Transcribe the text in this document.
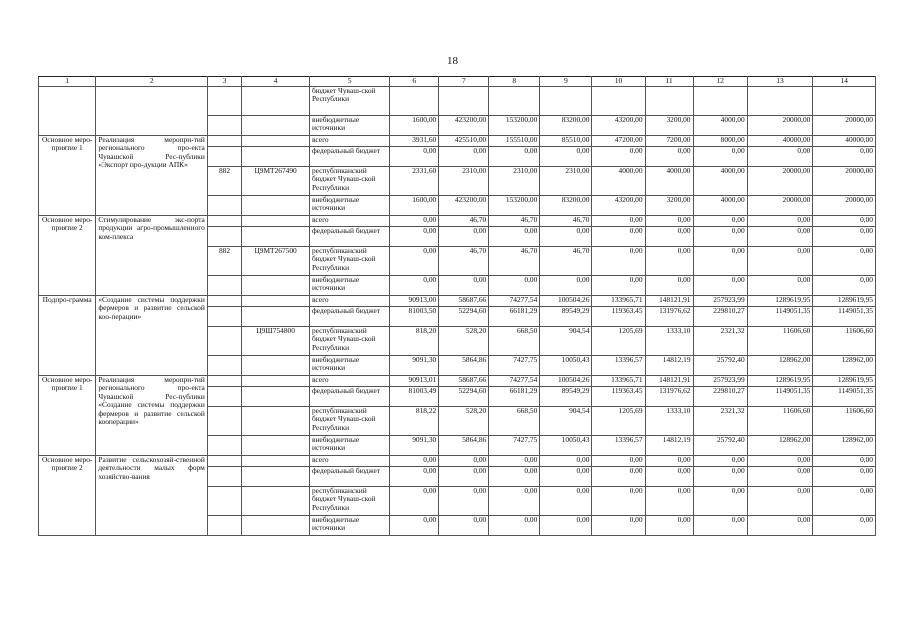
18
1	2	3	4	5	6	7	8	9	10	11	12	13	14
				бюджет Чуваш-ской Республики									
				внебюджетные источники	1600,00	423200,00	153200,00	83200,00	43200,00	3200,00	4000,00	20000,00	20000,00
Основное меро-приятие 1	Реализация меропри-тий регионального про-екта Чувашской Рес-публики «Экспорт про-дукции АПК»			всего	3931,60	425510,00	155510,00	85510,00	47200,00	7200,00	8000,00	40000,00	40000,00
				федеральный бюджет	0,00	0,00	0,00	0,00	0,00	0,00	0,00	0,00	0,00
		882	Ц9МТ267490	республиканский бюджет Чуваш-ской Республики	2331,60	2310,00	2310,00	2310,00	4000,00	4000,00	4000,00	20000,00	20000,00
				внебюджетные источники	1600,00	423200,00	153200,00	83200,00	43200,00	3200,00	4000,00	20000,00	20000,00
Основное меро-приятие 2	Стимулирование экс-порта продукции агро-промышленного ком-плекса			всего	0,00	46,70	46,70	46,70	0,00	0,00	0,00	0,00	0,00
				федеральный бюджет	0,00	0,00	0,00	0,00	0,00	0,00	0,00	0,00	0,00
		882	Ц9МТ267500	республиканский бюджет Чуваш-ской Республики	0,00	46,70	46,70	46,70	0,00	0,00	0,00	0,00	0,00
				внебюджетные источники	0,00	0,00	0,00	0,00	0,00	0,00	0,00	0,00	0,00
Подпро-грамма	«Создание системы поддержки фермеров и развитие сельской коо-перации»			всего	90913,00	58687,66	74277,54	100504,26	133965,71	148121,91	257923,99	1289619,95	1289619,95
				федеральный бюджет	81003,50	52294,60	66181,29	89549,29	119363,45	131976,62	229810,27	1149051,35	1149051,35
			Ц9Ш754800	республиканский бюджет Чуваш-ской Республики	818,20	528,20	668,50	904,54	1205,69	1333,10	2321,32	11606,60	11606,60
				внебюджетные источники	9091,30	5864,86	7427,75	10050,43	13396,57	14812,19	25792,40	128962,00	128962,00
Основное меро-приятие 1	Реализация меропри-тий регионального про-екта Чувашской Рес-публики «Создание системы поддержки фермеров и развитие сельской кооперации»			всего	90913,01	58687,66	74277,54	100504,26	133965,71	148121,91	257923,99	1289619,95	1289619,95
				федеральный бюджет	81003,49	52294,60	66181,29	89549,29	119363,45	131976,62	229810,27	1149051,35	1149051,35
				республиканский бюджет Чуваш-ской Республики	818,22	528,20	668,50	904,54	1205,69	1333,10	2321,32	11606,60	11606,60
				внебюджетные источники	9091,30	5864,86	7427,75	10050,43	13396,57	14812,19	25792,40	128962,00	128962,00
Основное меро-приятие 2	Развитие сельскохозяй-ственной деятельности малых форм хозяйство-вания			всего	0,00	0,00	0,00	0,00	0,00	0,00	0,00	0,00	0,00
				федеральный бюджет	0,00	0,00	0,00	0,00	0,00	0,00	0,00	0,00	0,00
				республиканский бюджет Чуваш-ской Республики	0,00	0,00	0,00	0,00	0,00	0,00	0,00	0,00	0,00
				внебюджетные источники	0,00	0,00	0,00	0,00	0,00	0,00	0,00	0,00	0,00
